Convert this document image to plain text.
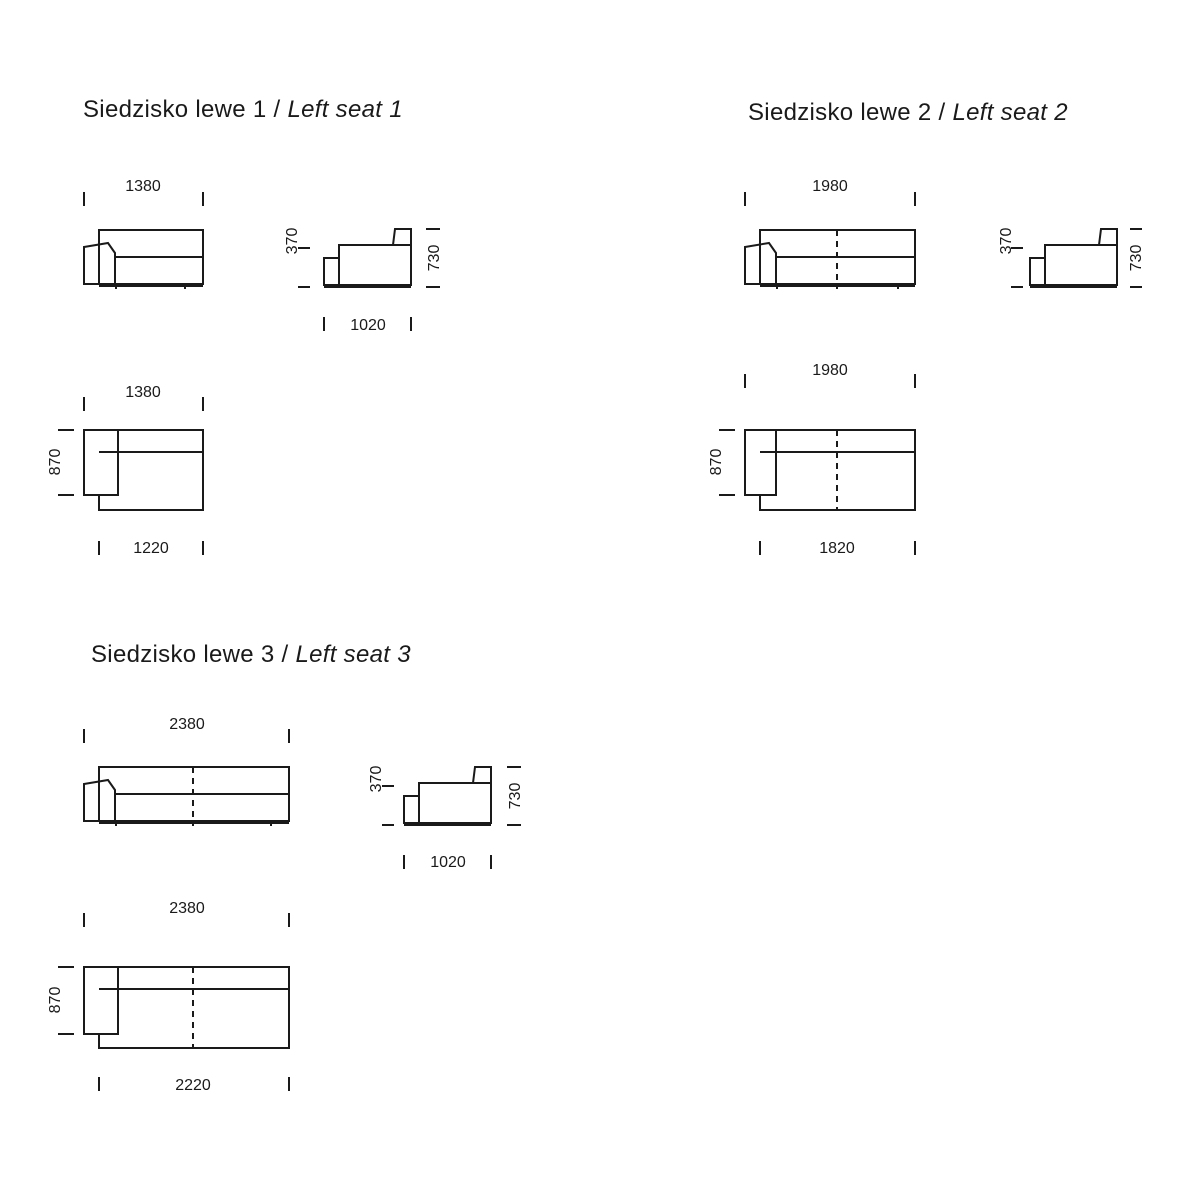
Siedzisko lewe 1 / Left seat 1
1380
370
730
1020
1380
870
1220
Siedzisko lewe 2 / Left seat 2
1980
370
730
1980
870
1820
Siedzisko lewe 3 / Left seat 3
2380
370
730
1020
2380
870
2220
